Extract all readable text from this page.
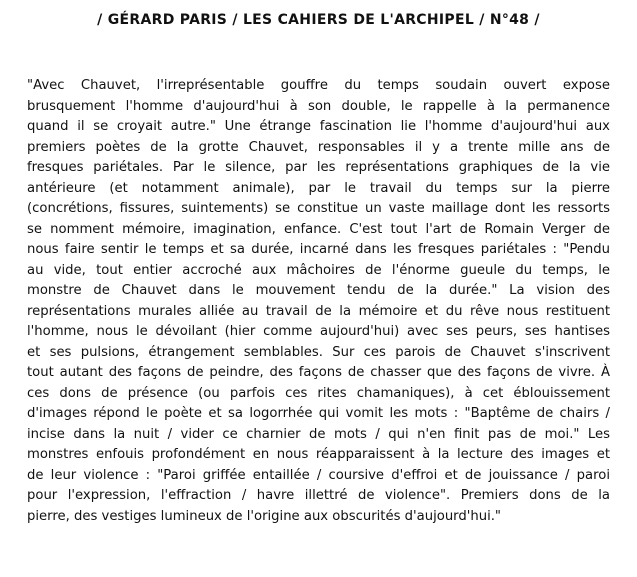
/ GÉRARD PARIS / LES CAHIERS DE L'ARCHIPEL / N°48 /
"Avec Chauvet, l'irreprésentable gouffre du temps soudain ouvert expose
brusquement l'homme d'aujourd'hui à son double, le rappelle à la permanence
quand il se croyait autre." Une étrange fascination lie l'homme d'aujourd'hui aux
premiers poètes de la grotte Chauvet, responsables il y a trente mille ans de
fresques pariétales. Par le silence, par les représentations graphiques de la vie
antérieure (et notamment animale), par le travail du temps sur la pierre
(concrétions, fissures, suintements) se constitue un vaste maillage dont les ressorts
se nomment mémoire, imagination, enfance. C'est tout l'art de Romain Verger de
nous faire sentir le temps et sa durée, incarné dans les fresques pariétales : "Pendu
au vide, tout entier accroché aux mâchoires de l'énorme gueule du temps, le
monstre de Chauvet dans le mouvement tendu de la durée." La vision des
représentations murales alliée au travail de la mémoire et du rêve nous restituent
l'homme, nous le dévoilant (hier comme aujourd'hui) avec ses peurs, ses hantises
et ses pulsions, étrangement semblables. Sur ces parois de Chauvet s'inscrivent
tout autant des façons de peindre, des façons de chasser que des façons de vivre. À
ces dons de présence (ou parfois ces rites chamaniques), à cet éblouissement
d'images répond le poète et sa logorrhée qui vomit les mots : "Baptême de chairs /
incise dans la nuit / vider ce charnier de mots / qui n'en finit pas de moi." Les
monstres enfouis profondément en nous réapparaissent à la lecture des images et
de leur violence : "Paroi griffée entaillée / coursive d'effroi et de jouissance / paroi
pour l'expression, l'effraction / havre illettré de violence". Premiers dons de la
pierre, des vestiges lumineux de l'origine aux obscurités d'aujourd'hui."
